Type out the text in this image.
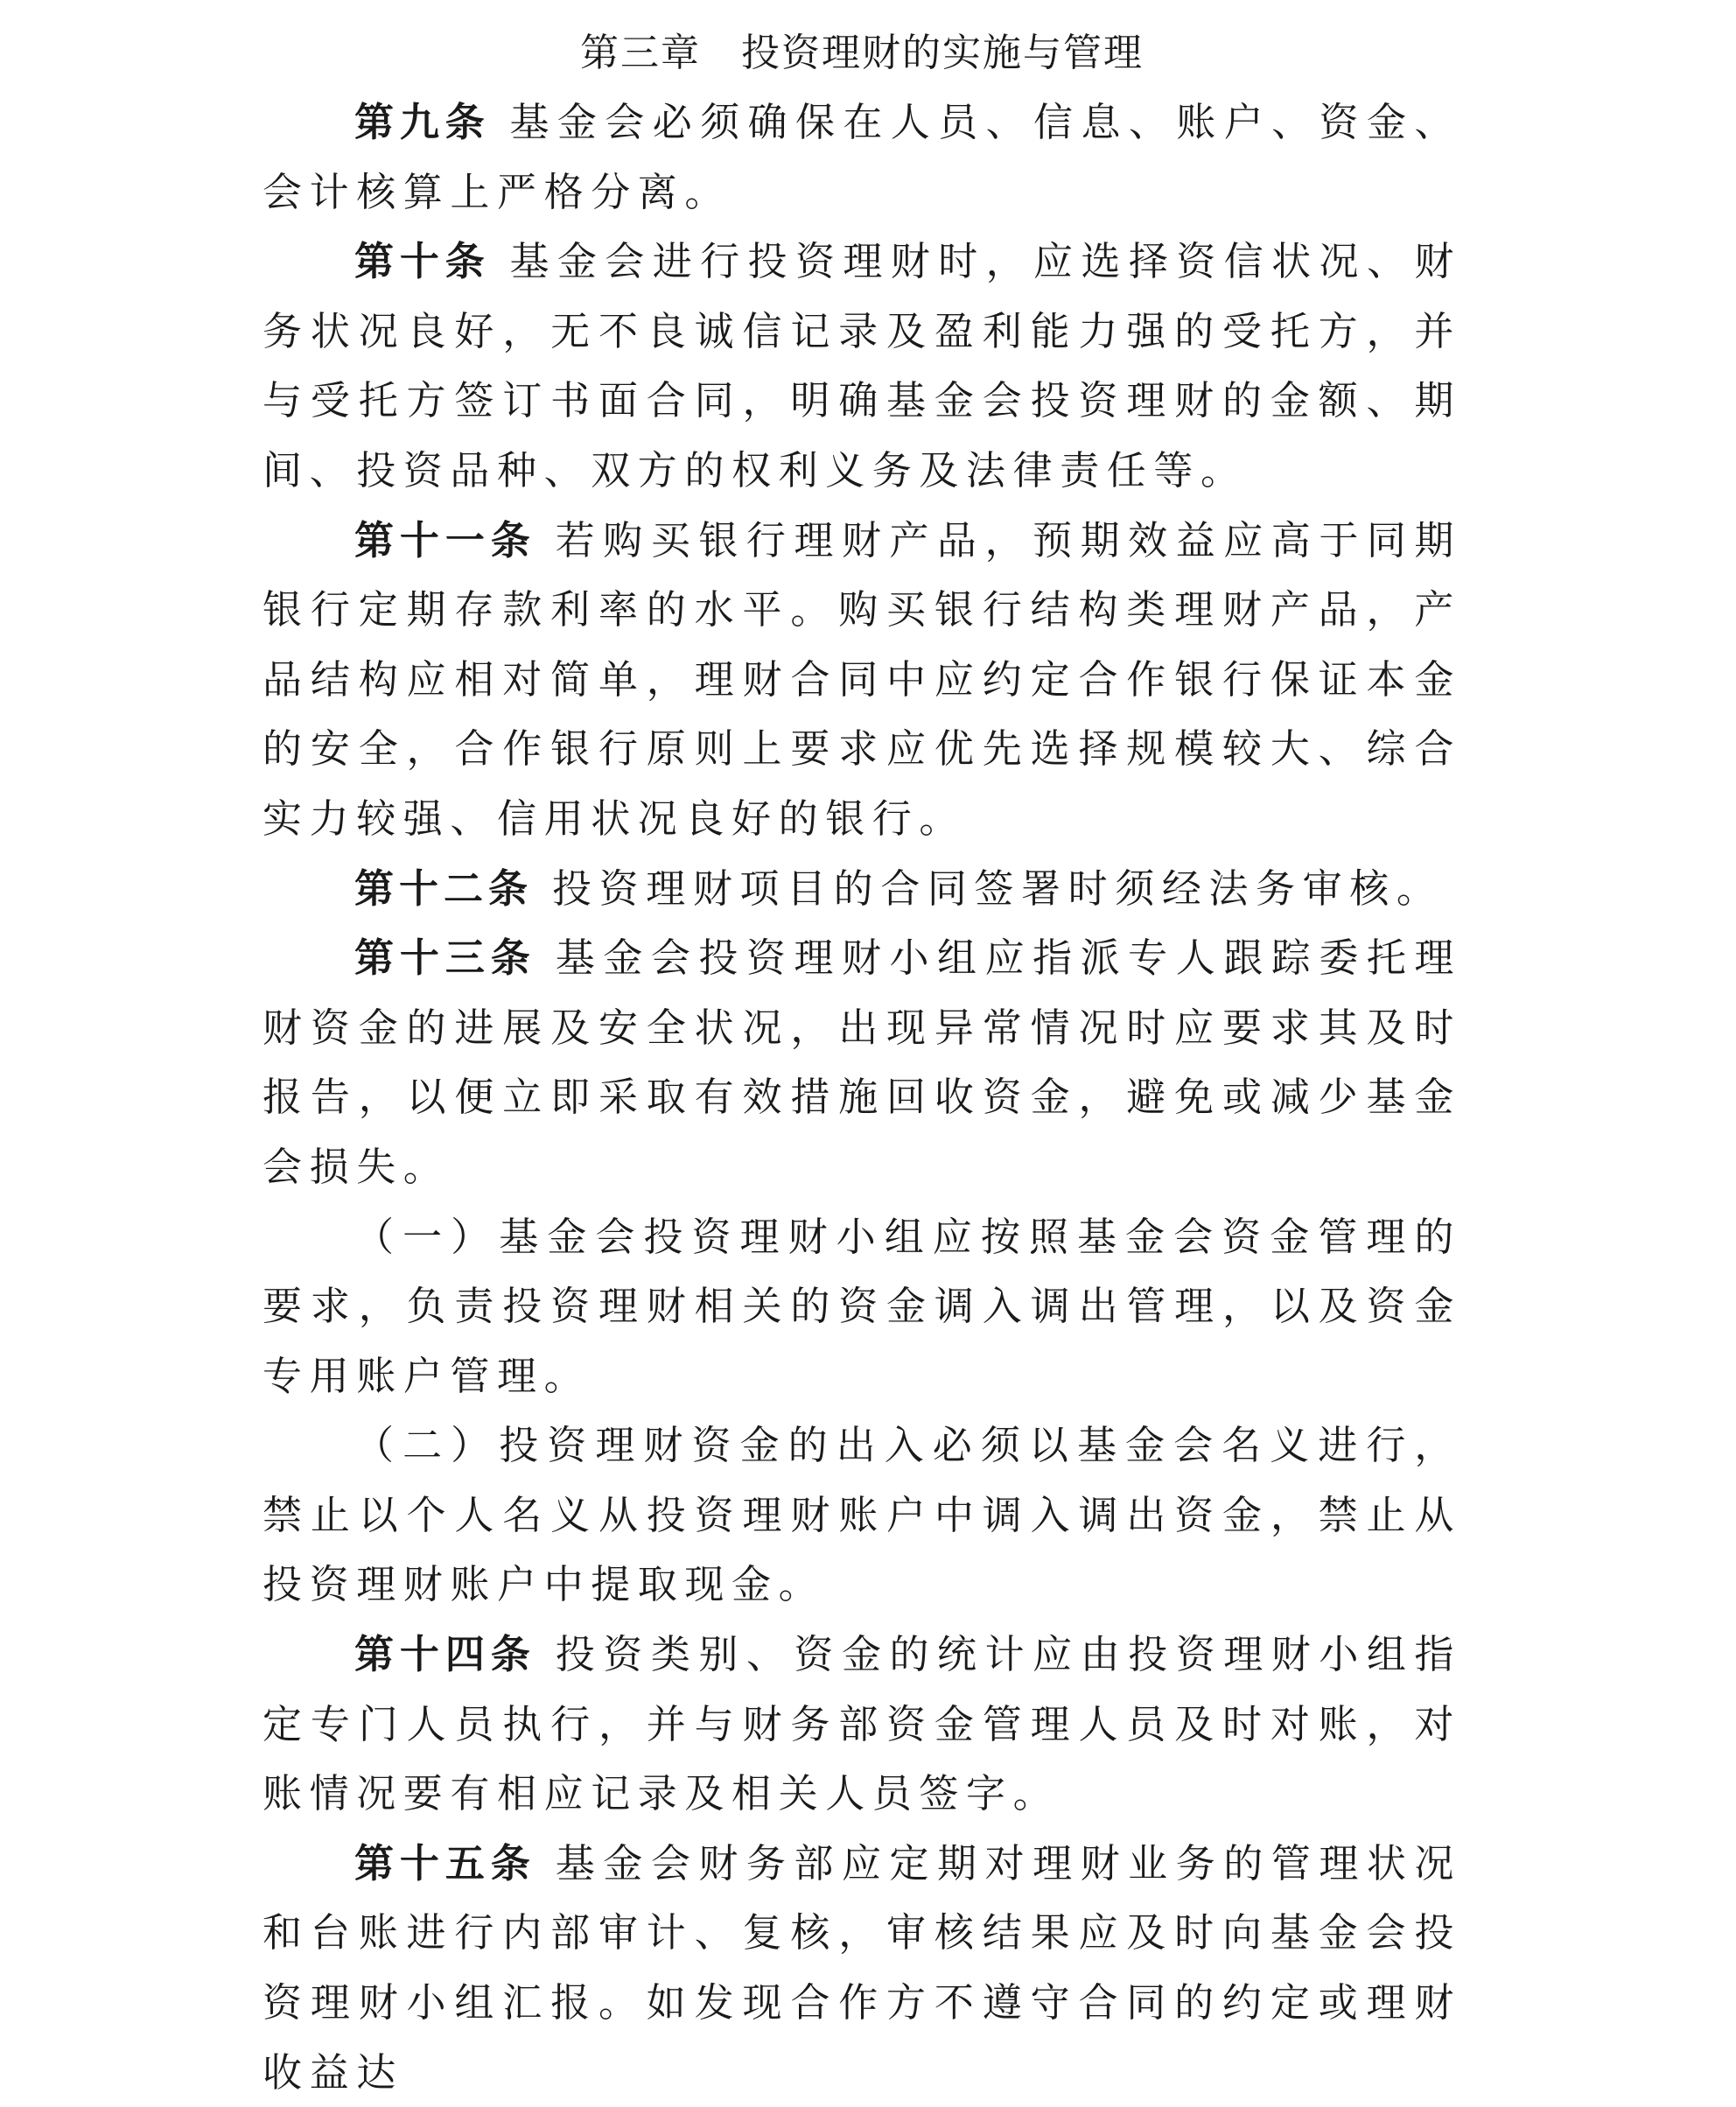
第三章　投资理财的实施与管理

第九条 基金会必须确保在人员、信息、账户、资金、会计核算上严格分离。

第十条 基金会进行投资理财时，应选择资信状况、财务状况良好，无不良诚信记录及盈利能力强的受托方，并与受托方签订书面合同，明确基金会投资理财的金额、期间、投资品种、双方的权利义务及法律责任等。

第十一条 若购买银行理财产品，预期效益应高于同期银行定期存款利率的水平。购买银行结构类理财产品，产品结构应相对简单，理财合同中应约定合作银行保证本金的安全，合作银行原则上要求应优先选择规模较大、综合实力较强、信用状况良好的银行。

第十二条 投资理财项目的合同签署时须经法务审核。

第十三条 基金会投资理财小组应指派专人跟踪委托理财资金的进展及安全状况，出现异常情况时应要求其及时报告，以便立即采取有效措施回收资金，避免或减少基金会损失。

（一）基金会投资理财小组应按照基金会资金管理的要求，负责投资理财相关的资金调入调出管理，以及资金专用账户管理。

（二）投资理财资金的出入必须以基金会名义进行，禁止以个人名义从投资理财账户中调入调出资金，禁止从投资理财账户中提取现金。

第十四条 投资类别、资金的统计应由投资理财小组指定专门人员执行，并与财务部资金管理人员及时对账，对账情况要有相应记录及相关人员签字。

第十五条 基金会财务部应定期对理财业务的管理状况和台账进行内部审计、复核，审核结果应及时向基金会投资理财小组汇报。如发现合作方不遵守合同的约定或理财收益达
